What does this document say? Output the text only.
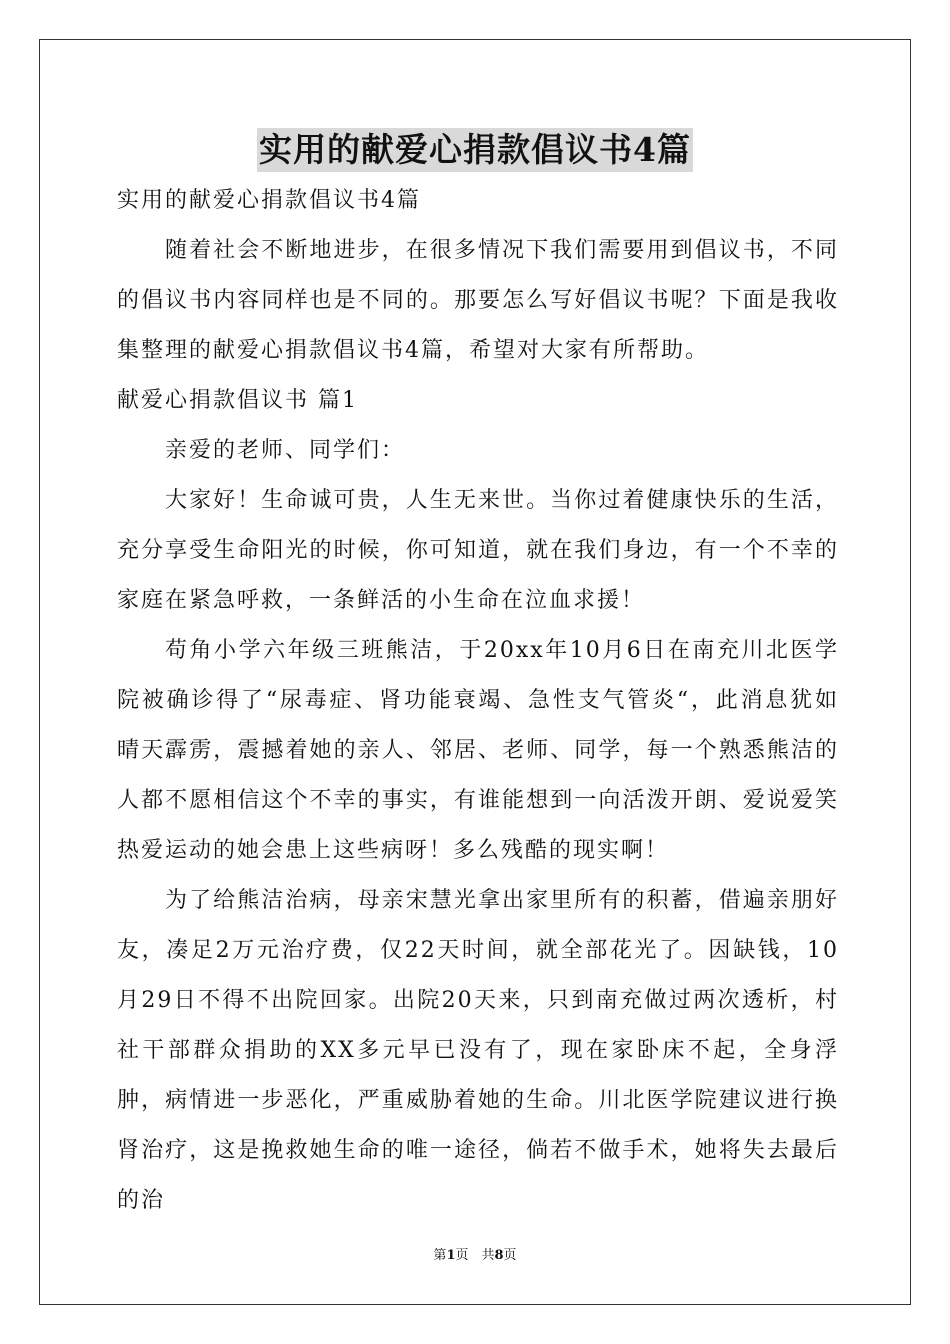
实用的献爱心捐款倡议书4篇

实用的献爱心捐款倡议书4篇

随着社会不断地进步，在很多情况下我们需要用到倡议书，不同的倡议书内容同样也是不同的。那要怎么写好倡议书呢？下面是我收集整理的献爱心捐款倡议书4篇，希望对大家有所帮助。

献爱心捐款倡议书 篇1

亲爱的老师、同学们：

大家好！生命诚可贵，人生无来世。当你过着健康快乐的生活，充分享受生命阳光的时候，你可知道，就在我们身边，有一个不幸的家庭在紧急呼救，一条鲜活的小生命在泣血求援！

苟角小学六年级三班熊洁，于20xx年10月6日在南充川北医学院被确诊得了“尿毒症、肾功能衰竭、急性支气管炎“，此消息犹如晴天霹雳，震撼着她的亲人、邻居、老师、同学，每一个熟悉熊洁的人都不愿相信这个不幸的事实，有谁能想到一向活泼开朗、爱说爱笑热爱运动的她会患上这些病呀！多么残酷的现实啊！

为了给熊洁治病，母亲宋慧光拿出家里所有的积蓄，借遍亲朋好友，凑足2万元治疗费，仅22天时间，就全部花光了。因缺钱，10月29日不得不出院回家。出院20天来，只到南充做过两次透析，村社干部群众捐助的XX多元早已没有了，现在家卧床不起，全身浮肿，病情进一步恶化，严重威胁着她的生命。川北医学院建议进行换肾治疗，这是挽救她生命的唯一途径，倘若不做手术，她将失去最后的治

第1页　共8页
